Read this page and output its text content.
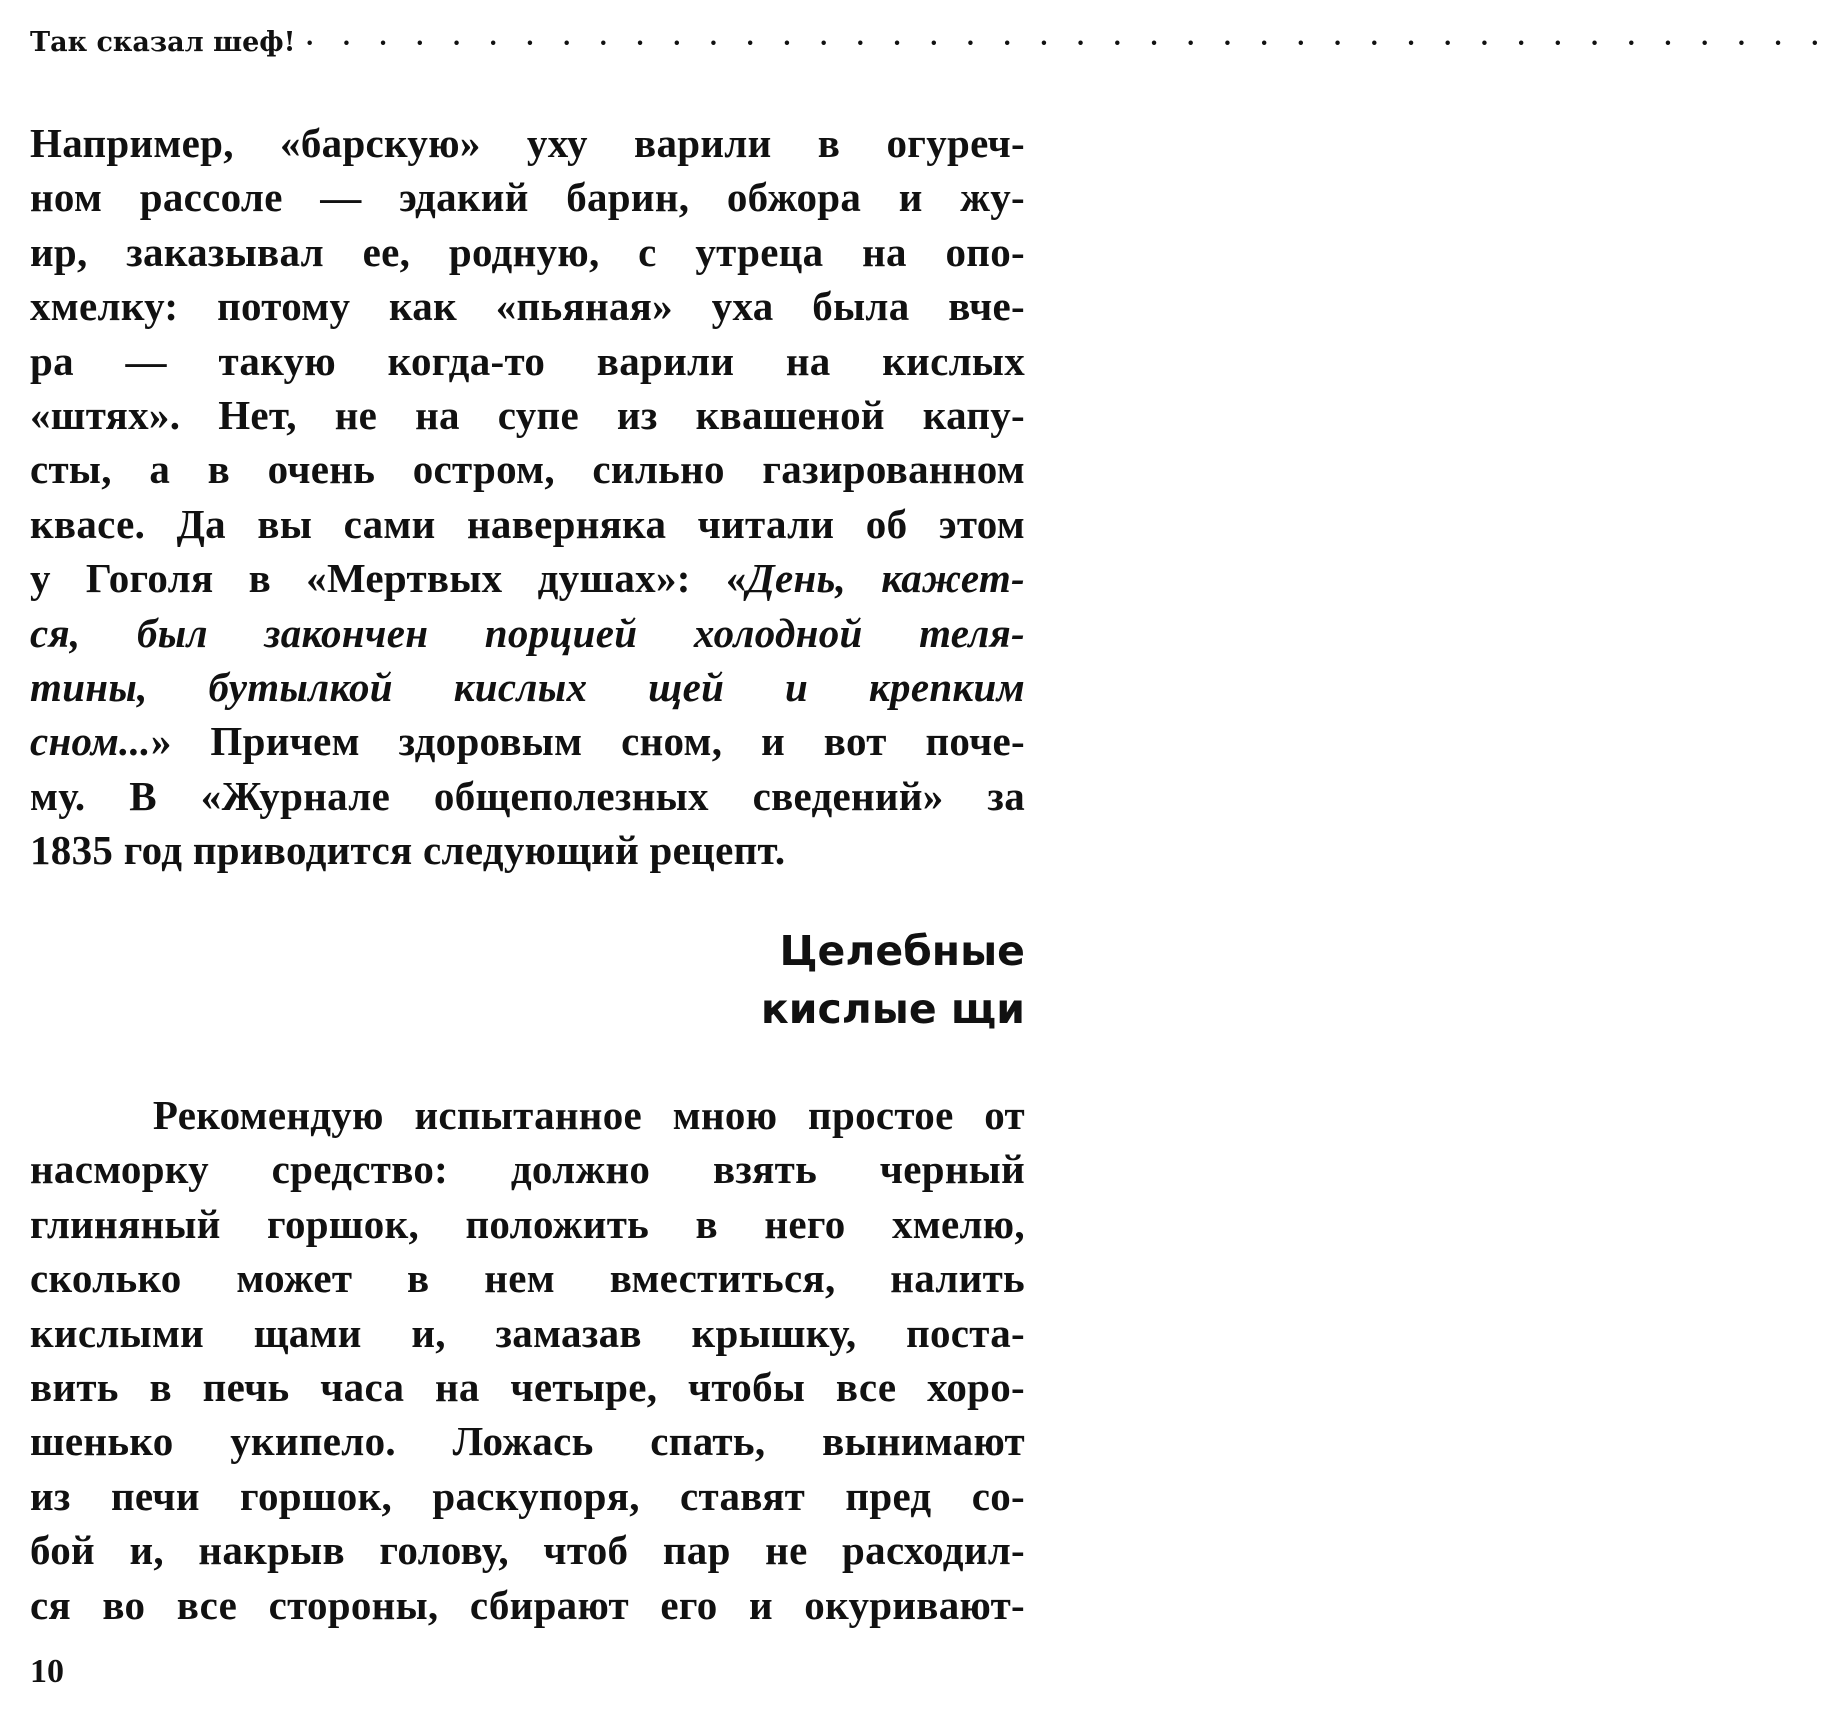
Так сказал шеф! · · · · · · · · · · · · · · · · · · · · · · · · · · · · · · · · · · · · · · · · · ·

Например, «барскую» уху варили в огуреч-
ном рассоле — эдакий барин, обжора и жу-
ир, заказывал ее, родную, с утреца на опо-
хмелку: потому как «пьяная» уха была вче-
ра — такую когда-то варили на кислых
«штях». Нет, не на супе из квашеной капу-
сты, а в очень остром, сильно газированном
квасе. Да вы сами наверняка читали об этом
у Гоголя в «Мертвых душах»: «День, кажет-
ся, был закончен порцией холодной теля-
тины, бутылкой кислых щей и крепким
сном...» Причем здоровым сном, и вот поче-
му. В «Журнале общеполезных сведений» за
1835 год приводится следующий рецепт.

Целебные
кислые щи

Рекомендую испытанное мною простое от
насморку средство: должно взять черный
глиняный горшок, положить в него хмелю,
сколько может в нем вместиться, налить
кислыми щами и, замазав крышку, поста-
вить в печь часа на четыре, чтобы все хоро-
шенько укипело. Ложась спать, вынимают
из печи горшок, раскупоря, ставят пред со-
бой и, накрыв голову, чтоб пар не расходил-
ся во все стороны, сбирают его и окуривают-

10
